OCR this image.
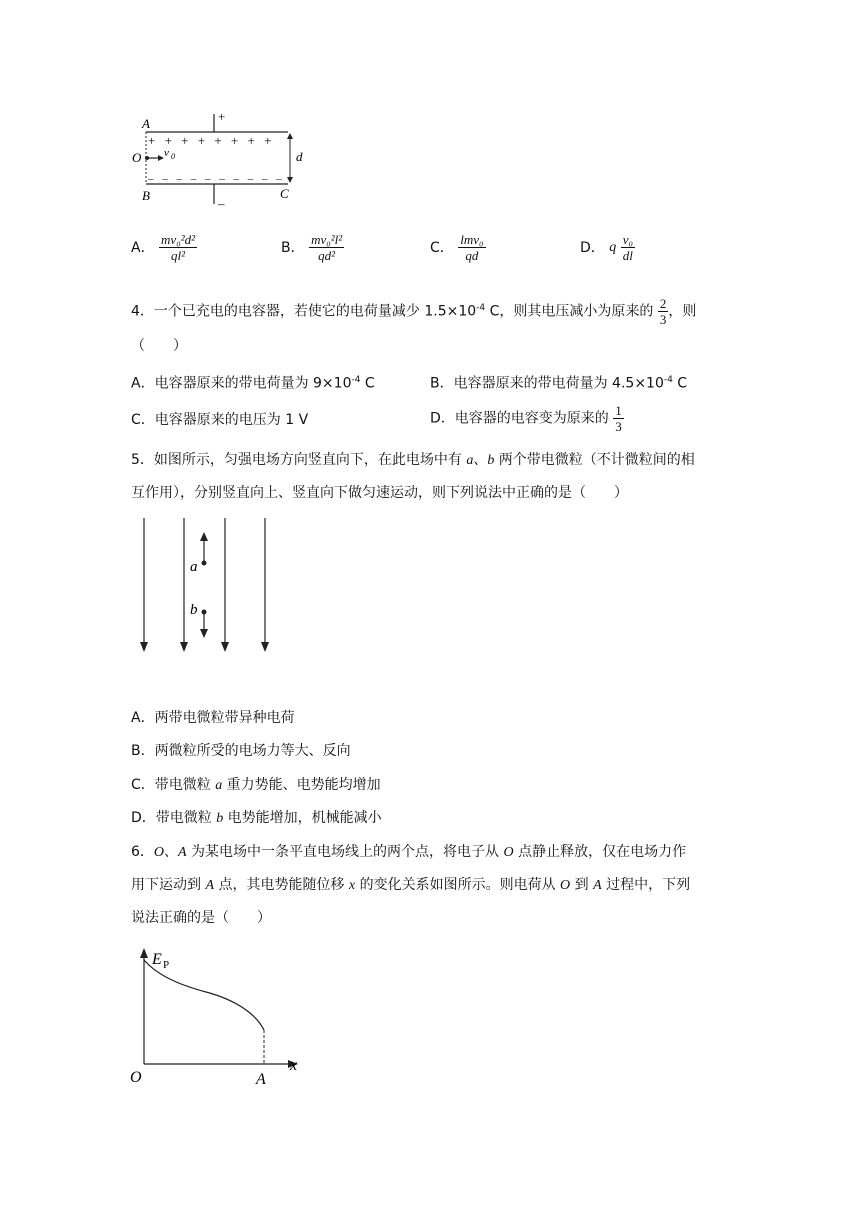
A	+
+ + + + + + + +
O v 0	d
– – – – – – – – – –
B	C
–
A． $\frac{\text{mv₀²d²}}{\text{ql²}}$	B． $\frac{\text{mv₀²l²}}{\text{qd²}}$	C． $\frac{\text{lmv₀}}{qd}$	D． q $\frac{\text{v₀}}{dl}$
4．一个已充电的电容器，若使它的电荷量减少 $1.5\times 10^{-4}$ C，则其电压减小为原来的 $\frac{2}{3}$ ，则
（　　）
A．电容器原来的带电荷量为 $9\times 10^{-4}$ C	B．电容器原来的带电荷量为 $4.5\times 10^{-4}$ C
C．电容器原来的电压为 1 V	D．电容器的电容变为原来的 $\frac{1}{3}$
5．如图所示，匀强电场方向竖直向下，在此电场中有 a、b 两个带电微粒（不计微粒间的相
互作用），分别竖直向上、竖直向下做匀速运动，则下列说法中正确的是（　　）
a
b
A．两带电微粒带异种电荷
B．两微粒所受的电场力等大、反向
C．带电微粒 a 重力势能、电势能均增加
D．带电微粒 b 电势能增加，机械能减小
6．O、A 为某电场中一条平直电场线上的两个点，将电子从 O 点静止释放，仅在电场力作
用下运动到 A 点，其电势能随位移 x 的变化关系如图所示。则电荷从 O 到 A 过程中，下列
说法正确的是（　　）
E P
O	A
x
